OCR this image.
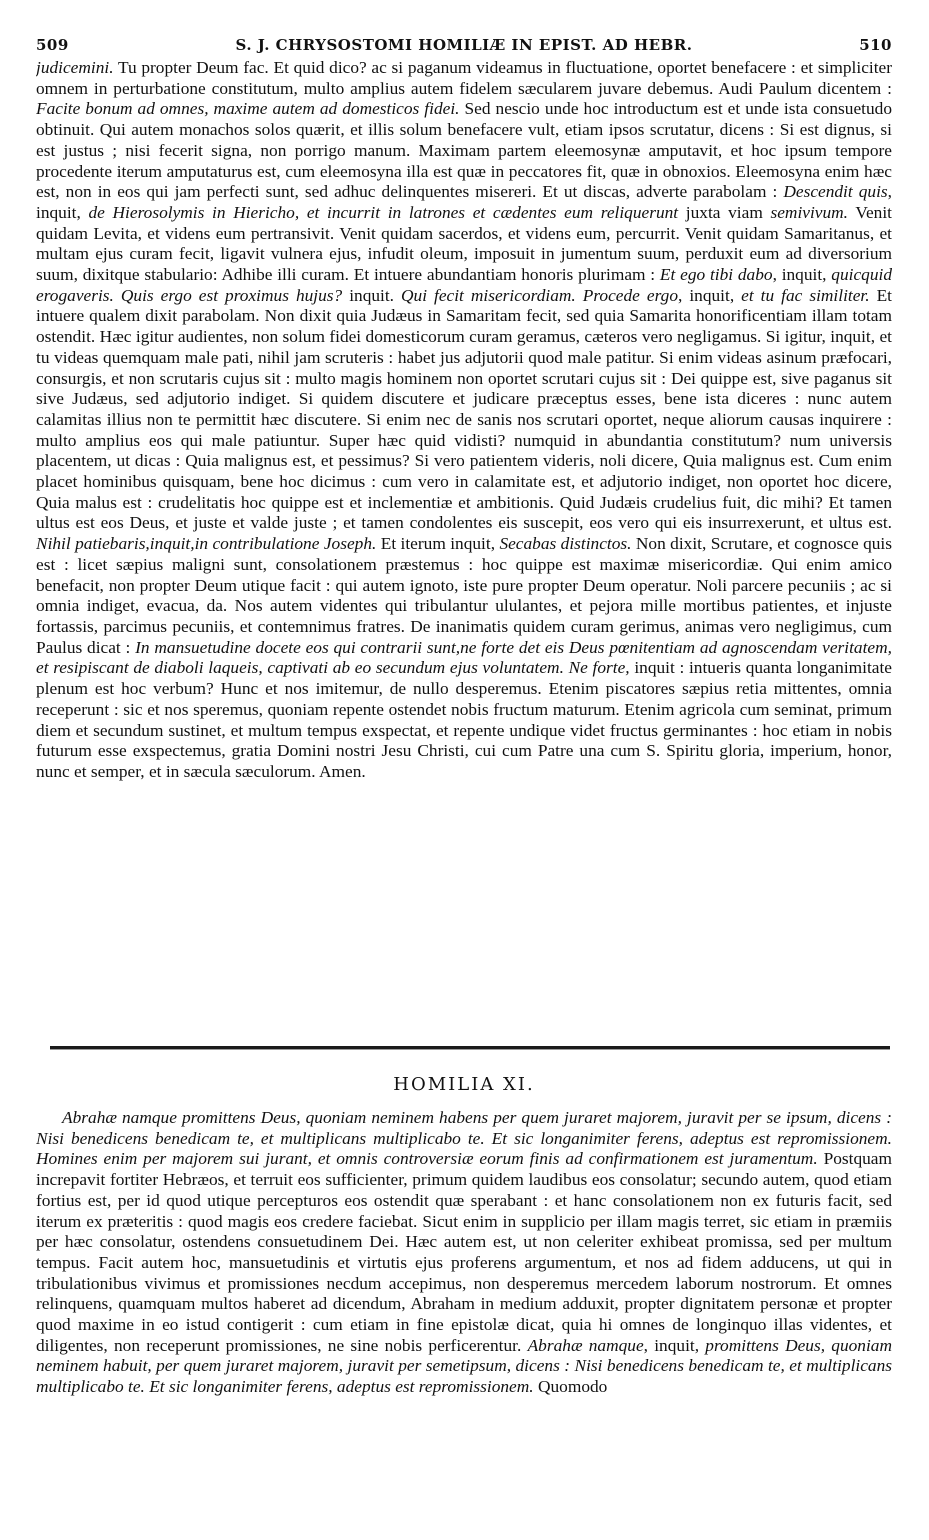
509	S. J. CHRYSOSTOMI HOMILIÆ IN EPIST. AD HEBR.	510

judicemini. Tu propter Deum fac. Et quid dico? ac si paganum videamus in fluctuatione, oportet benefacere : et simpliciter omnem in perturbatione constitutum, multo amplius autem fidelem sæcularem juvare debemus. Audi Paulum dicentem : Facite bonum ad omnes, maxime autem ad domesticos fidei. Sed nescio unde hoc introductum est et unde ista consuetudo obtinuit. Qui autem monachos solos quærit, et illis solum benefacere vult, etiam ipsos scrutatur, dicens : Si est dignus, si est justus ; nisi fecerit signa, non porrigo manum. Maximam partem eleemosynæ amputavit, et hoc ipsum tempore procedente iterum amputaturus est, cum eleemosyna illa est quæ in peccatores fit, quæ in obnoxios. Eleemosyna enim hæc est, non in eos qui jam perfecti sunt, sed adhuc delinquentes misereri. Et ut discas, adverte parabolam : Descendit quis, inquit, de Hierosolymis in Hiericho, et incurrit in latrones et cædentes eum reliquerunt juxta viam semivivum. Venit quidam Levita, et videns eum pertransivit. Venit quidam sacerdos, et videns eum, percurrit. Venit quidam Samaritanus, et multam ejus curam fecit, ligavit vulnera ejus, infudit oleum, imposuit in jumentum suum, perduxit eum ad diversorium suum, dixitque stabulario: Adhibe illi curam. Et intuere abundantiam honoris plurimam : Et ego tibi dabo, inquit, quicquid erogaveris. Quis ergo est proximus hujus? inquit. Qui fecit misericordiam. Procede ergo, inquit, et tu fac similiter. Et intuere qualem dixit parabolam. Non dixit quia Judæus in Samaritam fecit, sed quia Samarita honorificentiam illam totam ostendit. Hæc igitur audientes, non solum fidei domesticorum curam geramus, cæteros vero negligamus. Si igitur, inquit, et tu videas quemquam male pati, nihil jam scruteris : habet jus adjutorii quod male patitur. Si enim videas asinum præfocari, consurgis, et non scrutaris cujus sit : multo magis hominem non oportet scrutari cujus sit : Dei quippe est, sive paganus sit sive Judæus, sed adjutorio indiget. Si quidem discutere et judicare præceptus esses, bene ista diceres : nunc autem calamitas illius non te permittit hæc discutere. Si enim nec de sanis nos scrutari oportet, neque aliorum causas inquirere : multo amplius eos qui male patiuntur. Super hæc quid vidisti? numquid in abundantia constitutum? num universis placentem, ut dicas : Quia malignus est, et pessimus? Si vero patientem videris, noli dicere, Quia malignus est. Cum enim placet hominibus quisquam, bene hoc dicimus : cum vero in calamitate est, et adjutorio indiget, non oportet hoc dicere, Quia malus est : crudelitatis hoc quippe est et inclementiæ et ambitionis. Quid Judæis crudelius fuit, dic mihi? Et tamen ultus est eos Deus, et juste et valde juste ; et tamen condolentes eis suscepit, eos vero qui eis insurrexerunt, et ultus est. Nihil patiebaris,inquit,in contribulatione Joseph. Et iterum inquit, Secabas distinctos. Non dixit, Scrutare, et cognosce quis est : licet sæpius maligni sunt, consolationem præstemus : hoc quippe est maximæ misericordiæ. Qui enim amico benefacit, non propter Deum utique facit : qui autem ignoto, iste pure propter Deum operatur. Noli parcere pecuniis ; ac si omnia indiget, evacua, da. Nos autem videntes qui tribulantur ululantes, et pejora mille mortibus patientes, et injuste fortassis, parcimus pecuniis, et contemnimus fratres. De inanimatis quidem curam gerimus, animas vero negligimus, cum Paulus dicat : In mansuetudine docete eos qui contrarii sunt,ne forte det eis Deus pœnitentiam ad agnoscendam veritatem, et resipiscant de diaboli laqueis, captivati ab eo secundum ejus voluntatem. Ne forte, inquit : intueris quanta longanimitate plenum est hoc verbum? Hunc et nos imitemur, de nullo desperemus. Etenim piscatores sæpius retia mittentes, omnia receperunt : sic et nos speremus, quoniam repente ostendet nobis fructum maturum. Etenim agricola cum seminat, primum diem et secundum sustinet, et multum tempus exspectat, et repente undique videt fructus germinantes : hoc etiam in nobis futurum esse exspectemus, gratia Domini nostri Jesu Christi, cui cum Patre una cum S. Spiritu gloria, imperium, honor, nunc et semper, et in sæcula sæculorum. Amen.

HOMILIA XI.

Abrahæ namque promittens Deus, quoniam neminem habens per quem juraret majorem, juravit per se ipsum, dicens : Nisi benedicens benedicam te, et multiplicans multiplicabo te. Et sic longanimiter ferens, adeptus est repromissionem. Homines enim per majorem sui jurant, et omnis controversiæ eorum finis ad confirmationem est juramentum. Postquam increpavit fortiter Hebræos, et terruit eos sufficienter, primum quidem laudibus eos consolatur; secundo autem, quod etiam fortius est, per id quod utique percepturos eos ostendit quæ sperabant : et hanc consolationem non ex futuris facit, sed iterum ex præteritis : quod magis eos credere faciebat. Sicut enim in supplicio per illam magis terret, sic etiam in præmiis per hæc consolatur, ostendens consuetudinem Dei. Hæc autem est, ut non celeriter exhibeat promissa, sed per multum tempus. Facit autem hoc, mansuetudinis et virtutis ejus proferens argumentum, et nos ad fidem adducens, ut qui in tribulationibus vivimus et promissiones necdum accepimus, non desperemus mercedem laborum nostrorum. Et omnes relinquens, quamquam multos haberet ad dicendum, Abraham in medium adduxit, propter dignitatem personæ et propter quod maxime in eo istud contigerit : cum etiam in fine epistolæ dicat, quia hi omnes de longinquo illas videntes, et diligentes, non receperunt promissiones, ne sine nobis perficerentur. Abrahæ namque, inquit, promittens Deus, quoniam neminem habuit, per quem juraret majorem, juravit per semetipsum, dicens : Nisi benedicens benedicam te, et multiplicans multiplicabo te. Et sic longanimiter ferens, adeptus est repromissionem. Quomodo
